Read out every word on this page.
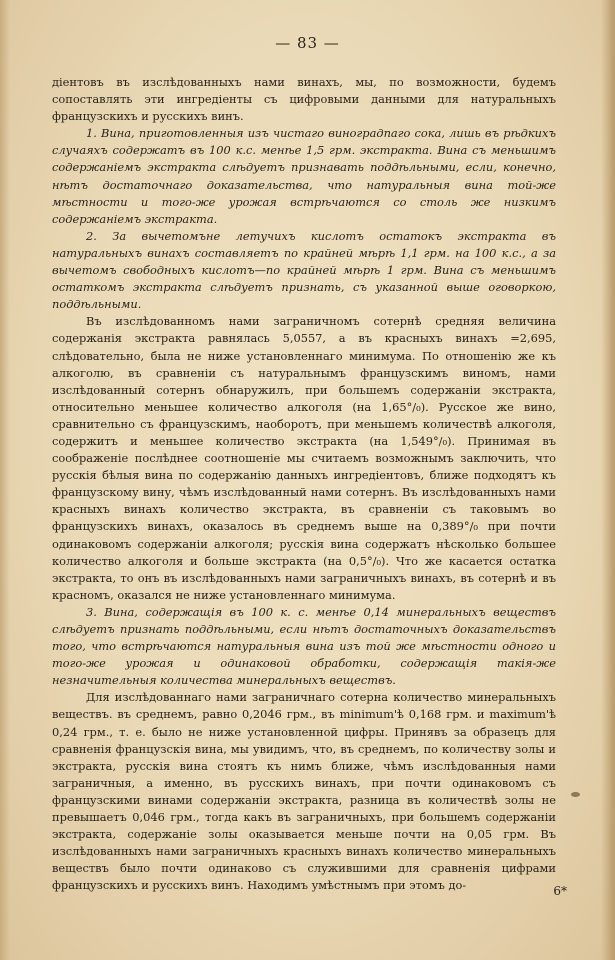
— 83 —

діентовъ въ изслѣдованныхъ нами винахъ, мы, по возможности, будемъ сопоставлять эти ингредіенты съ цифровыми данными для натуральныхъ французскихъ и русскихъ винъ.

1. Вина, приготовленныя изъ чистаго виноградпаго сока, лишь въ рѣдкихъ случаяхъ содержатъ въ 100 к.с. менѣе 1,5 грм. экстракта. Вина съ меньшимъ содержаніемъ экстракта слѣдуетъ признавать поддѣльными, если, конечно, нѣтъ достаточнаго доказательства, что натуральныя вина той-же мѣстности и того-же урожая встрѣчаются со столь же низкимъ содержаніемъ экстракта.

2. За вычетомънe летучихъ кислотъ остатокъ экстракта въ натуральныхъ винахъ составляетъ по крайней мѣрѣ 1,1 грм. на 100 к.с., а за вычетомъ свободныхъ кислотъ—по крайней мѣрѣ 1 грм. Вина съ меньшимъ остаткомъ экстракта слѣдуетъ признать, съ указанной выше оговоркою, поддѣльными.

Въ изслѣдованномъ нами заграничномъ сотернѣ средняя величина содержанія экстракта равнялась 5,0557, а въ красныхъ винахъ =2,695, слѣдовательно, была не ниже установленнаго минимума. По отношенію же къ алкоголю, въ сравненіи съ натуральнымъ французскимъ виномъ, нами изслѣдованный сотернъ обнаружилъ, при большемъ содержаніи экстракта, относительно меньшее количество алкоголя (на 1,65°/₀). Русское же вино, сравнительно съ французскимъ, наоборотъ, при меньшемъ количествѣ алкоголя, содержитъ и меньшее количество экстракта (на 1,549°/₀). Принимая въ соображеніе послѣднее соотношеніе мы считаемъ возможнымъ заключить, что русскія бѣлыя вина по содержанію данныхъ ингредіентовъ, ближе подходятъ къ французскому вину, чѣмъ изслѣдованный нами сотернъ. Въ изслѣдованныхъ нами красныхъ винахъ количество экстракта, въ сравненіи съ таковымъ во французскихъ винахъ, оказалось въ среднемъ выше на 0,389°/₀ при почти одинаковомъ содержаніи алкоголя; русскія вина содержатъ нѣсколько большее количество алкоголя и больше экстракта (на 0,5°/₀). Что же касается остатка экстракта, то онъ въ изслѣдованныхъ нами заграничныхъ винахъ, въ сотернѣ и въ красномъ, оказался не ниже установленнаго минимума.

3. Вина, содержащія въ 100 к. с. менѣе 0,14 минеральныхъ веществъ слѣдуетъ признать поддѣльными, если нѣтъ достаточныхъ доказательствъ того, что встрѣчаются натуральныя вина изъ той же мѣстности одного и того-же урожая и одинаковой обработки, содержащія такія-же незначительныя количества минеральныхъ веществъ.

Для изслѣдованнаго нами заграничнаго сотерна количество минеральныхъ веществъ. въ среднемъ, равно 0,2046 грм., въ minimum'ѣ 0,168 грм. и maximum'ѣ 0,24 грм., т. е. было не ниже установленной цифры. Принявъ за образецъ для сравненія французскія вина, мы увидимъ, что, въ среднемъ, по количеству золы и экстракта, русскія вина стоятъ къ нимъ ближе, чѣмъ изслѣдованныя нами заграничныя, а именно, въ русскихъ винахъ, при почти одинаковомъ съ французскими винами содержаніи экстракта, разница въ количествѣ золы не превышаетъ 0,046 грм., тогда какъ въ заграничныхъ, при большемъ содержаніи экстракта, содержаніе золы оказывается меньше почти на 0,05 грм. Въ изслѣдованныхъ нами заграничныхъ красныхъ винахъ количество минеральныхъ веществъ было почти одинаково съ служившими для сравненія цифрами французскихъ и русскихъ винъ. Находимъ умѣстнымъ при этомъ до-	6*
